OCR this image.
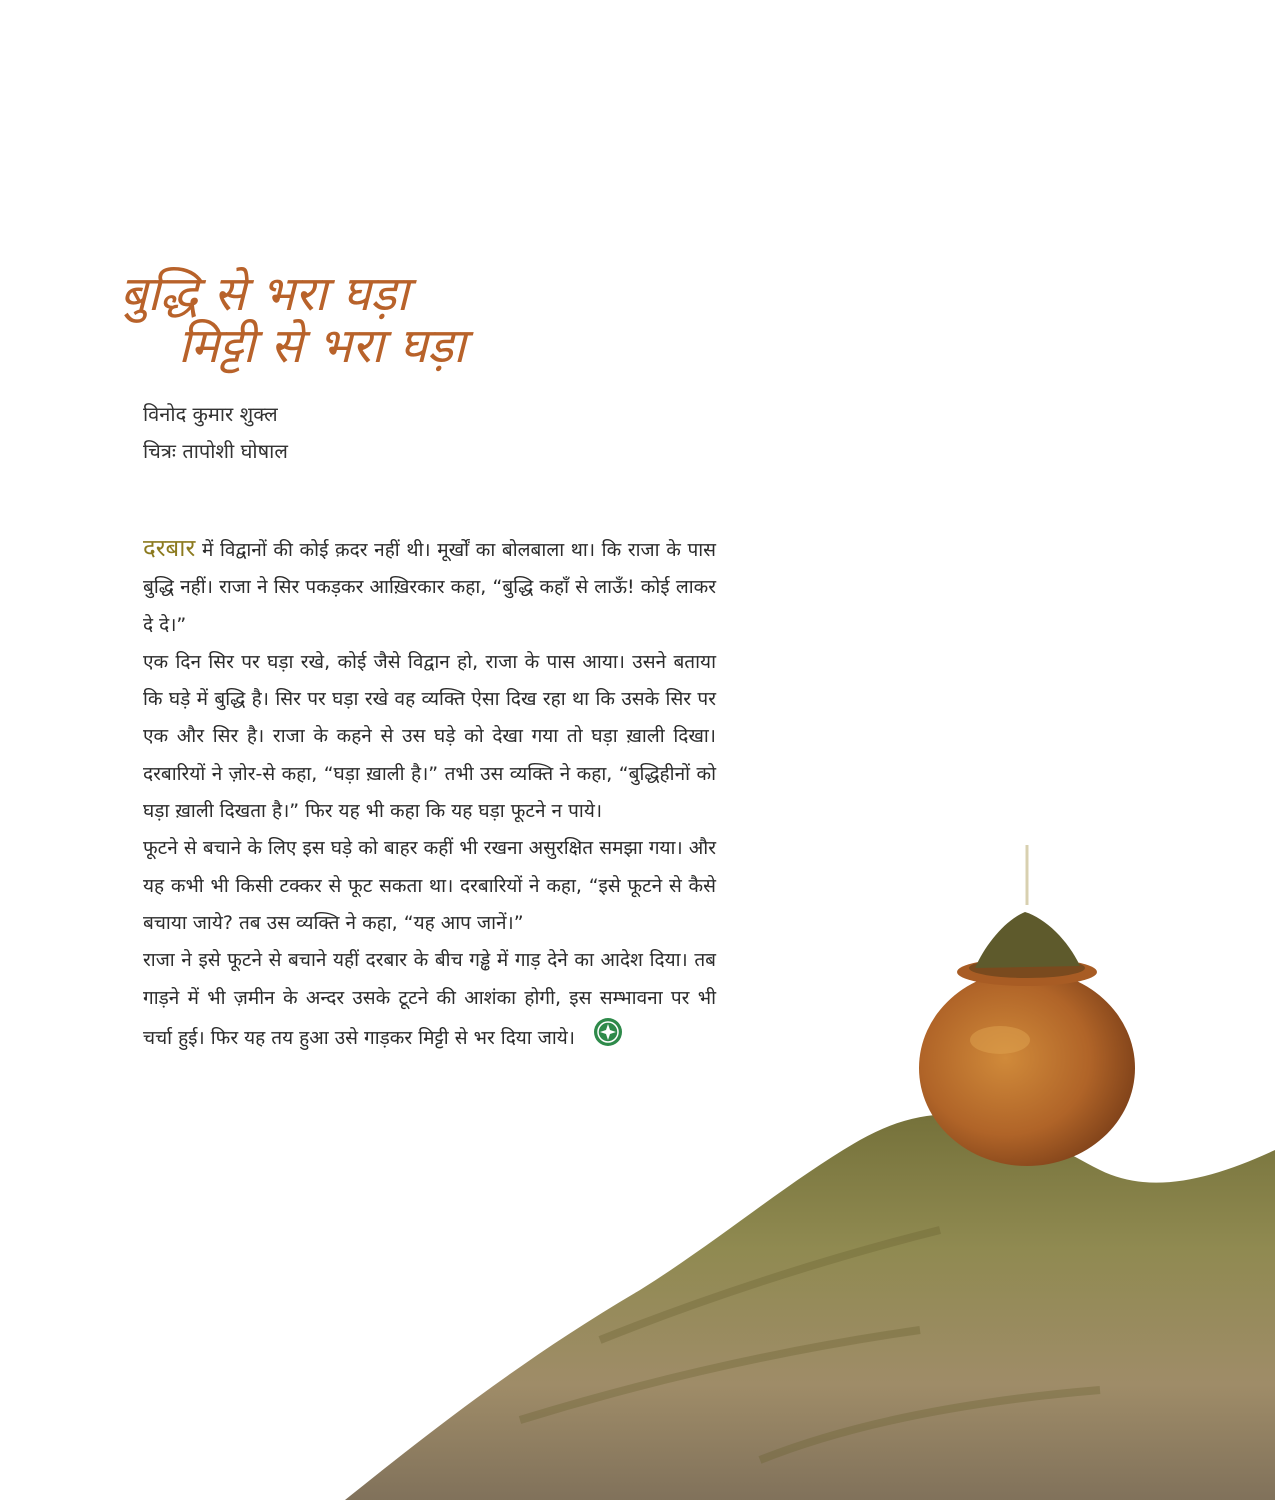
बुद्धि से भरा घड़ा
मिट्टी से भरा घड़ा
विनोद कुमार शुक्ल
चित्रः तापोशी घोषाल

दरबार में विद्वानों की कोई क़दर नहीं थी। मूर्खों का बोलबाला था। कि राजा के पास बुद्धि नहीं। राजा ने सिर पकड़कर आख़िरकार कहा, “बुद्धि कहाँ से लाऊँ! कोई लाकर दे दे।”

एक दिन सिर पर घड़ा रखे, कोई जैसे विद्वान हो, राजा के पास आया। उसने बताया कि घड़े में बुद्धि है। सिर पर घड़ा रखे वह व्यक्ति ऐसा दिख रहा था कि उसके सिर पर एक और सिर है। राजा के कहने से उस घड़े को देखा गया तो घड़ा ख़ाली दिखा। दरबारियों ने ज़ोर-से कहा, “घड़ा ख़ाली है।” तभी उस व्यक्ति ने कहा, “बुद्धिहीनों को घड़ा ख़ाली दिखता है।” फिर यह भी कहा कि यह घड़ा फूटने न पाये।

फूटने से बचाने के लिए इस घड़े को बाहर कहीं भी रखना असुरक्षित समझा गया। और यह कभी भी किसी टक्कर से फूट सकता था। दरबारियों ने कहा, “इसे फूटने से कैसे बचाया जाये? तब उस व्यक्ति ने कहा, “यह आप जानें।”

राजा ने इसे फूटने से बचाने यहीं दरबार के बीच गड्ढे में गाड़ देने का आदेश दिया। तब गाड़ने में भी ज़मीन के अन्दर उसके टूटने की आशंका होगी, इस सम्भावना पर भी चर्चा हुई। फिर यह तय हुआ उसे गाड़कर मिट्टी से भर दिया जाये।
